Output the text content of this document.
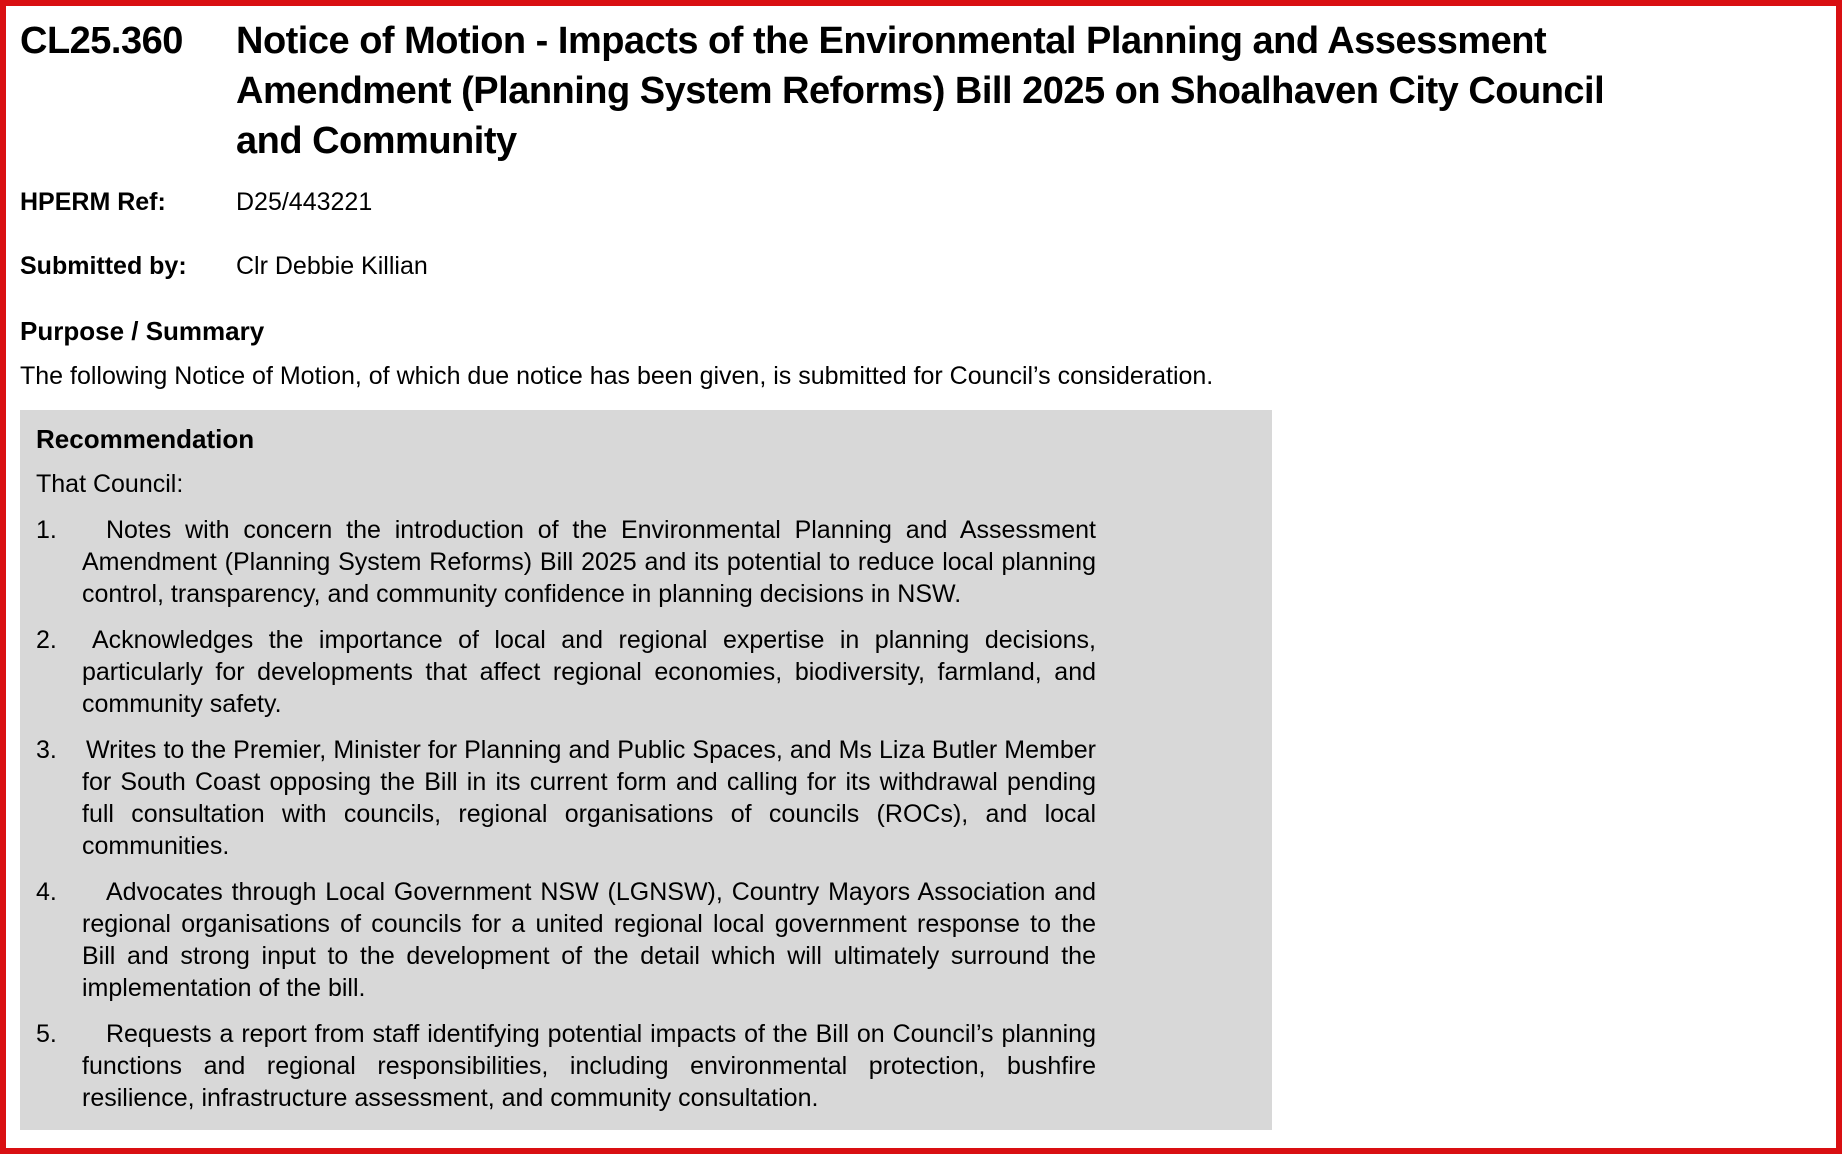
CL25.360	Notice of Motion - Impacts of the Environmental Planning and Assessment
Amendment (Planning System Reforms) Bill 2025 on Shoalhaven City Council
and Community
HPERM Ref:	D25/443221
Submitted by:	Clr Debbie Killian
Purpose / Summary
The following Notice of Motion, of which due notice has been given, is submitted for Council’s consideration.
Recommendation
That Council:
1.	Notes with concern the introduction of the Environmental Planning and Assessment Amendment (Planning System Reforms) Bill 2025 and its potential to reduce local planning control, transparency, and community confidence in planning decisions in NSW.
2.	Acknowledges the importance of local and regional expertise in planning decisions, particularly for developments that affect regional economies, biodiversity, farmland, and community safety.
3.	Writes to the Premier, Minister for Planning and Public Spaces, and Ms Liza Butler Member for South Coast opposing the Bill in its current form and calling for its withdrawal pending full consultation with councils, regional organisations of councils (ROCs), and local communities.
4.	Advocates through Local Government NSW (LGNSW), Country Mayors Association and regional organisations of councils for a united regional local government response to the Bill and strong input to the development of the detail which will ultimately surround the implementation of the bill.
5.	Requests a report from staff identifying potential impacts of the Bill on Council’s planning functions and regional responsibilities, including environmental protection, bushfire resilience, infrastructure assessment, and community consultation.
